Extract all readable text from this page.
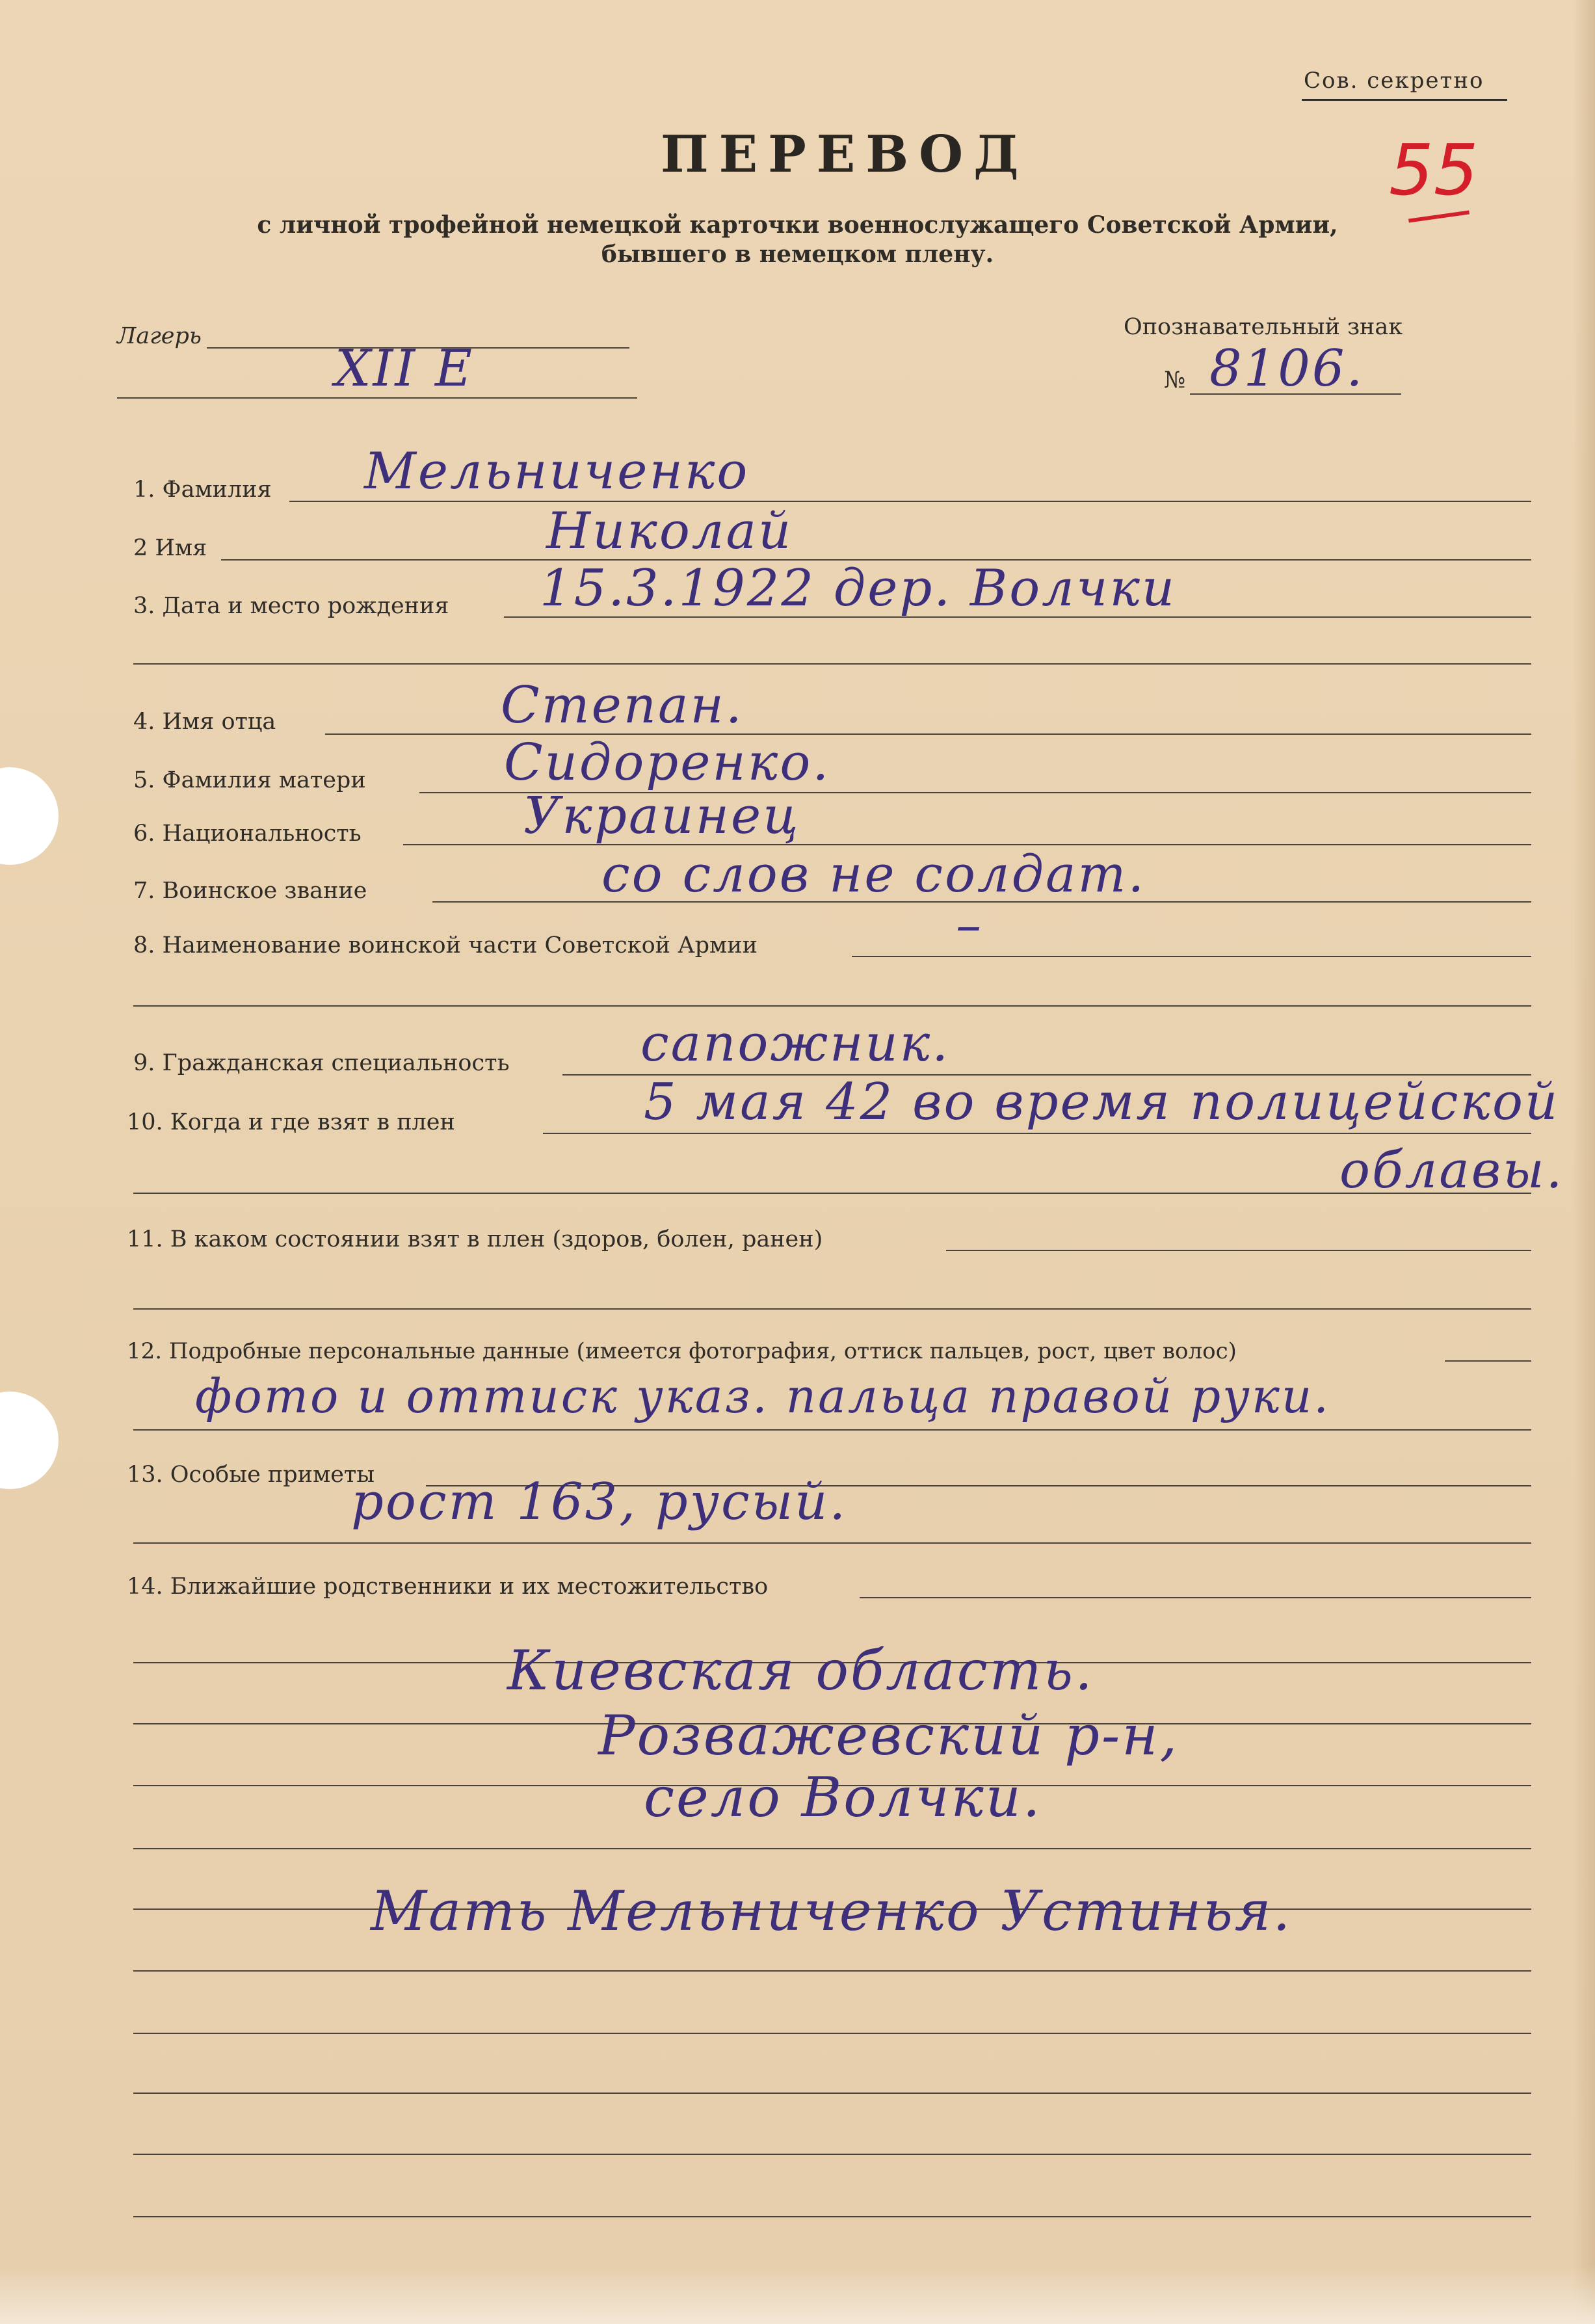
Сов. секретно
55
ПЕРЕВОД
с личной трофейной немецкой карточки военнослужащего Советской Армии,
бывшего в немецком плену.
Лагерь
XII E
Опознавательный знак
№ 8106.
1. Фамилия Мельниченко
2 Имя	Николай
3. Дата и место рождения 15.3.1922 дер. Волчки
4. Имя отца	Степан.
5. Фамилия матери	Сидоренко.
6. Национальность	Украинец
7. Воинское звание	со слов не солдат.
8. Наименование воинской части Советской Армии	–
9. Гражданская специальность	сапожник.
10. Когда и где взят в плен	5 мая 42 во время полицейской
облавы.
11. В каком состоянии взят в плен (здоров, болен, ранен)
12. Подробные персональные данные (имеется фотография, оттиск пальцев, рост, цвет волос)
фото и оттиск указ. пальца правой руки.
13. Особые приметы
рост 163, русый.
14. Ближайшие родственники и их местожительство
Киевская область.
Розважевский р-н,
село Волчки.
Мать Мельниченко Устинья.
